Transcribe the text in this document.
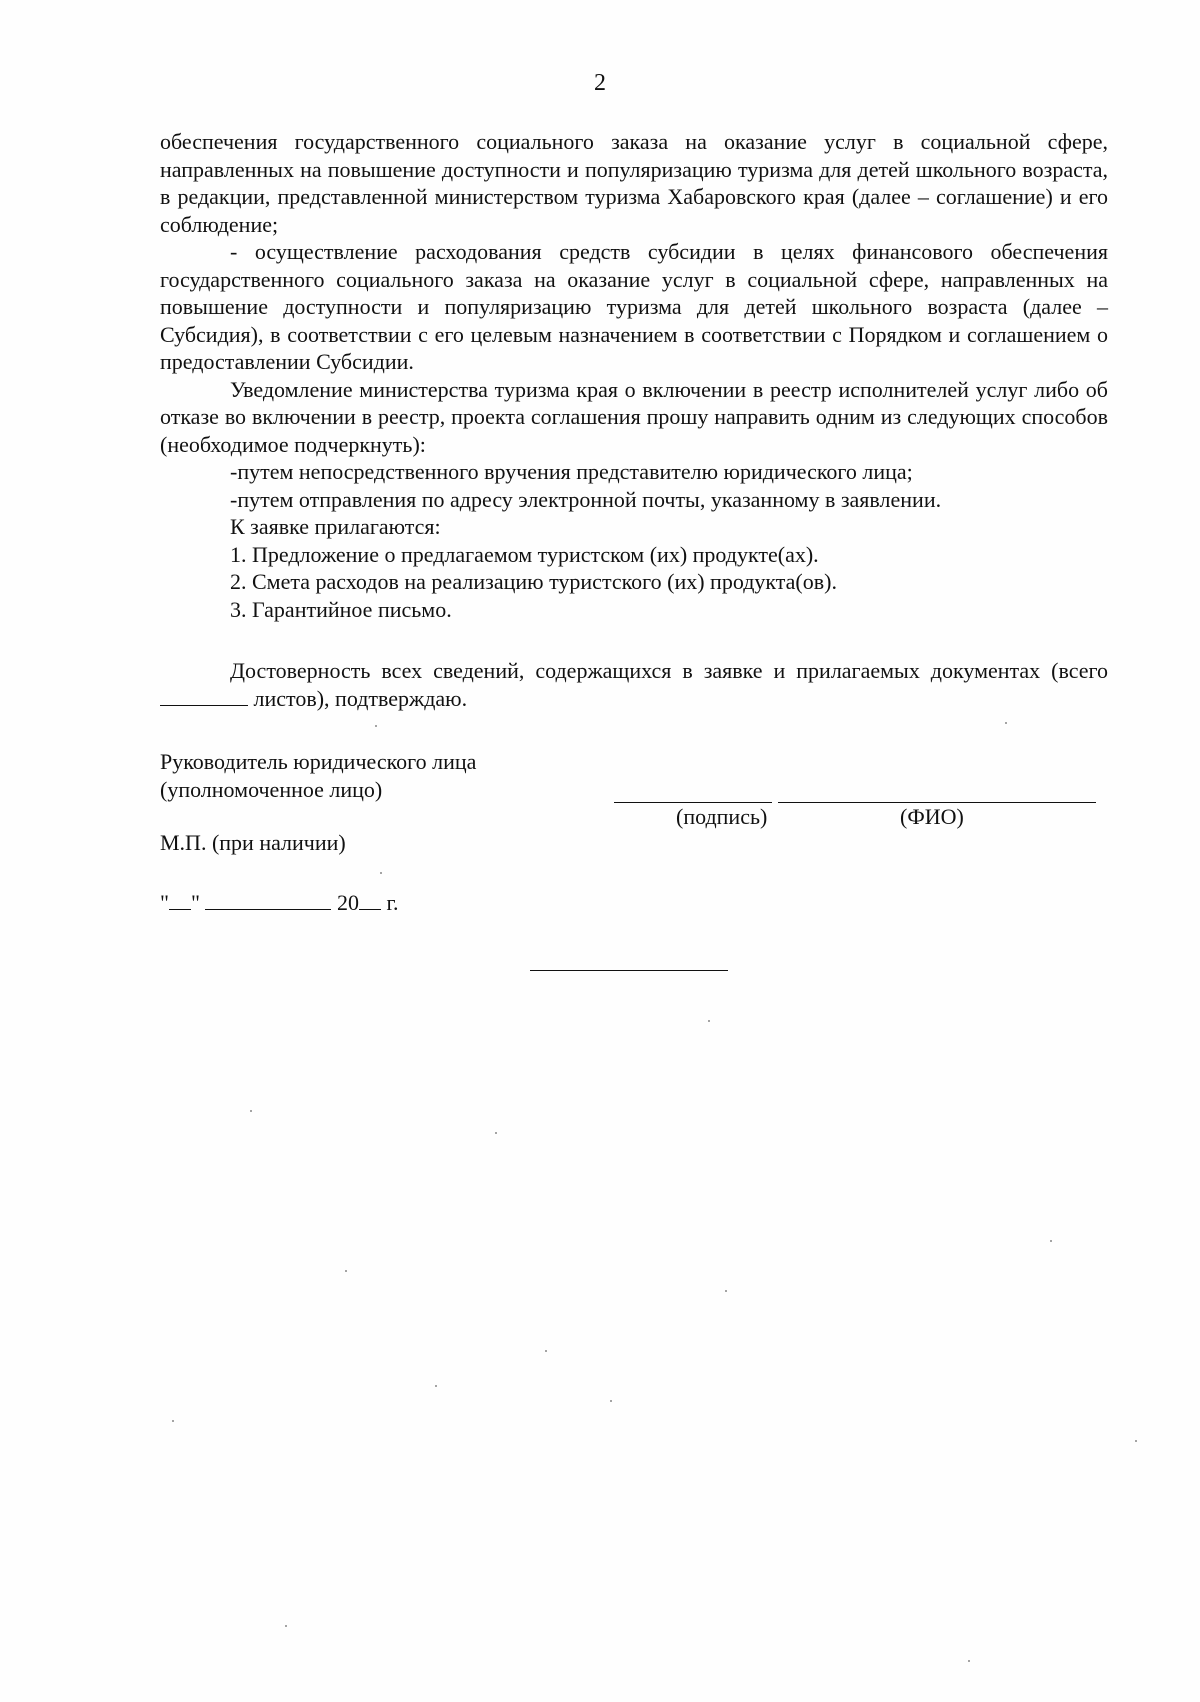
2

обеспечения государственного социального заказа на оказание услуг в социальной сфере, направленных на повышение доступности и популяризацию туризма для детей школьного возраста, в редакции, представленной министерством туризма Хабаровского края (далее – соглашение) и его соблюдение;

- осуществление расходования средств субсидии в целях финансового обеспечения государственного социального заказа на оказание услуг в социальной сфере, направленных на повышение доступности и популяризацию туризма для детей школьного возраста (далее – Субсидия), в соответствии с его целевым назначением в соответствии с Порядком и соглашением о предоставлении Субсидии.

Уведомление министерства туризма края о включении в реестр исполнителей услуг либо об отказе во включении в реестр, проекта соглашения прошу направить одним из следующих способов (необходимое подчеркнуть):

-путем непосредственного вручения представителю юридического лица;

-путем отправления по адресу электронной почты, указанному в заявлении.

К заявке прилагаются:

1. Предложение о предлагаемом туристском (их) продукте(ах).

2. Смета расходов на реализацию туристского (их) продукта(ов).

3. Гарантийное письмо.

Достоверность всех сведений, содержащихся в заявке и прилагаемых документах (всего  листов), подтверждаю.

Руководитель юридического лица
(уполномоченное лицо)
(подпись)	(ФИО)
М.П. (при наличии)
" "	20 г.
